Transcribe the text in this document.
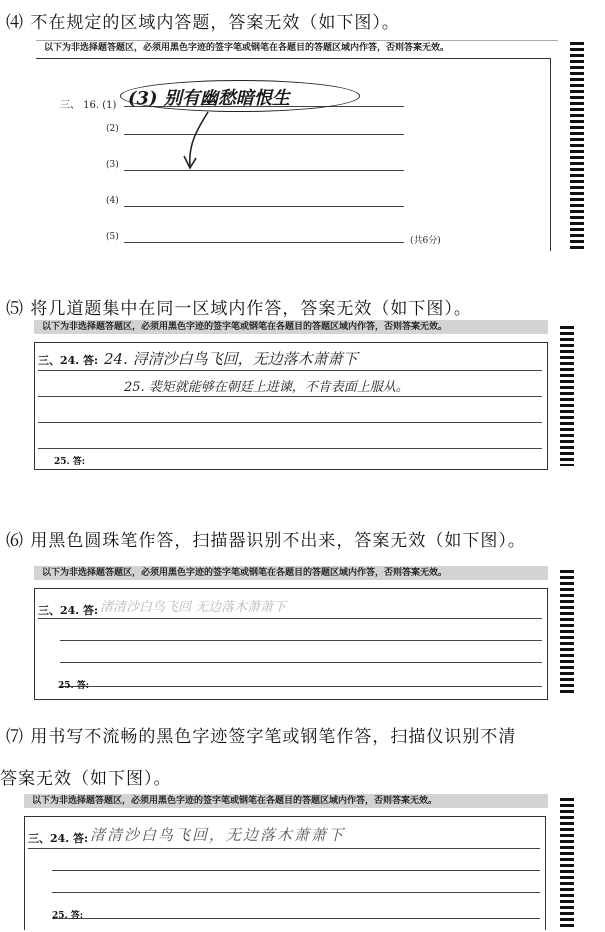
⑷ 不在规定的区域内答题，答案无效（如下图）。
以下为非选择题答题区，必须用黑色字迹的签字笔或钢笔在各题目的答题区域内作答，否则答案无效。
三、 16. (1)
(2)
(3)
(4)
(5)	(共6分)
(3) 别有幽愁暗恨生
⑸ 将几道题集中在同一区域内作答，答案无效（如下图）。
以下为非选择题答题区，必须用黑色字迹的签字笔或钢笔在各题目的答题区域内作答，否则答案无效。
三、24. 答:
25. 答:
24. 浔清沙白鸟飞回，无边落木萧萧下
25. 裴矩就能够在朝廷上进谏，不肯表面上服从。
⑹ 用黑色圆珠笔作答，扫描器识别不出来，答案无效（如下图）。
以下为非选择题答题区，必须用黑色字迹的签字笔或钢笔在各题目的答题区域内作答，否则答案无效。
三、24. 答:
25. 答:
渚清沙白鸟飞回 无边落木萧萧下
⑺ 用书写不流畅的黑色字迹签字笔或钢笔作答，扫描仪识别不清
答案无效（如下图）。
以下为非选择题答题区，必须用黑色字迹的签字笔或钢笔在各题目的答题区域内作答，否则答案无效。
三、24. 答:
25. 答:
渚清沙白鸟飞回，无边落木萧萧下
